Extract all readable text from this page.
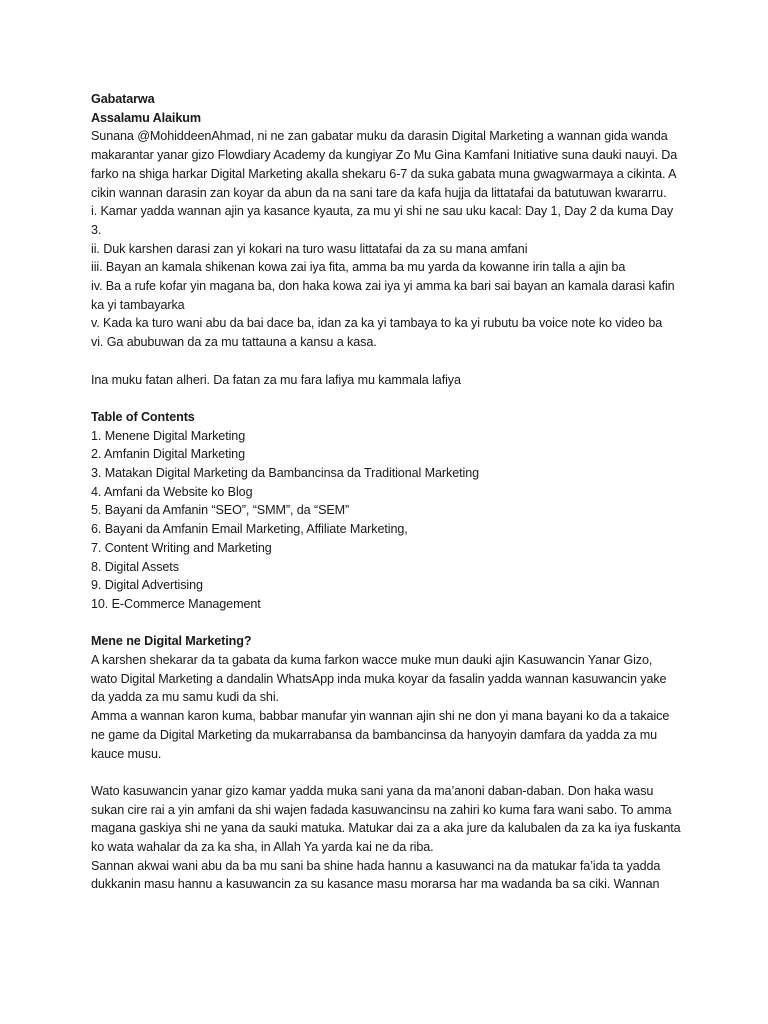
Gabatarwa

Assalamu Alaikum

Sunana @MohiddeenAhmad, ni ne zan gabatar muku da darasin Digital Marketing a wannan gida wanda makarantar yanar gizo Flowdiary Academy da kungiyar Zo Mu Gina Kamfani Initiative suna dauki nauyi. Da farko na shiga harkar Digital Marketing akalla shekaru 6-7 da suka gabata muna gwagwarmaya a cikinta. A cikin wannan darasin zan koyar da abun da na sani tare da kafa hujja da littatafai da batutuwan kwararru.

i. Kamar yadda wannan ajin ya kasance kyauta, za mu yi shi ne sau uku kacal: Day 1, Day 2 da kuma Day 3.

ii. Duk karshen darasi zan yi kokari na turo wasu littatafai da za su mana amfani

iii. Bayan an kamala shikenan kowa zai iya fita, amma ba mu yarda da kowanne irin talla a ajin ba

iv. Ba a rufe kofar yin magana ba, don haka kowa zai iya yi amma ka bari sai bayan an kamala darasi kafin ka yi tambayarka

v. Kada ka turo wani abu da bai dace ba, idan za ka yi tambaya to ka yi rubutu ba voice note ko video ba

vi. Ga abubuwan da za mu tattauna a kansu a kasa.

Ina muku fatan alheri. Da fatan za mu fara lafiya mu kammala lafiya

Table of Contents

1. Menene Digital Marketing

2. Amfanin Digital Marketing

3. Matakan Digital Marketing da Bambancinsa da Traditional Marketing

4. Amfani da Website ko Blog

5. Bayani da Amfanin “SEO”, “SMM”, da “SEM”

6. Bayani da Amfanin Email Marketing, Affiliate Marketing,

7. Content Writing and Marketing

8. Digital Assets

9. Digital Advertising

10. E-Commerce Management

Mene ne Digital Marketing?

A karshen shekarar da ta gabata da kuma farkon wacce muke mun dauki ajin Kasuwancin Yanar Gizo, wato Digital Marketing a dandalin WhatsApp inda muka koyar da fasalin yadda wannan kasuwancin yake da yadda za mu samu kudi da shi.

Amma a wannan karon kuma, babbar manufar yin wannan ajin shi ne don yi mana bayani ko da a takaice ne game da Digital Marketing da mukarrabansa da bambancinsa da hanyoyin damfara da yadda za mu kauce musu.

Wato kasuwancin yanar gizo kamar yadda muka sani yana da ma’anoni daban-daban. Don haka wasu sukan cire rai a yin amfani da shi wajen fadada kasuwancinsu na zahiri ko kuma fara wani sabo. To amma magana gaskiya shi ne yana da sauki matuka. Matukar dai za a aka jure da kalubalen da za ka iya fuskanta ko wata wahalar da za ka sha, in Allah Ya yarda kai ne da riba.

Sannan akwai wani abu da ba mu sani ba shine hada hannu a kasuwanci na da matukar fa’ida ta yadda dukkanin masu hannu a kasuwancin za su kasance masu morarsa har ma wadanda ba sa ciki. Wannan
